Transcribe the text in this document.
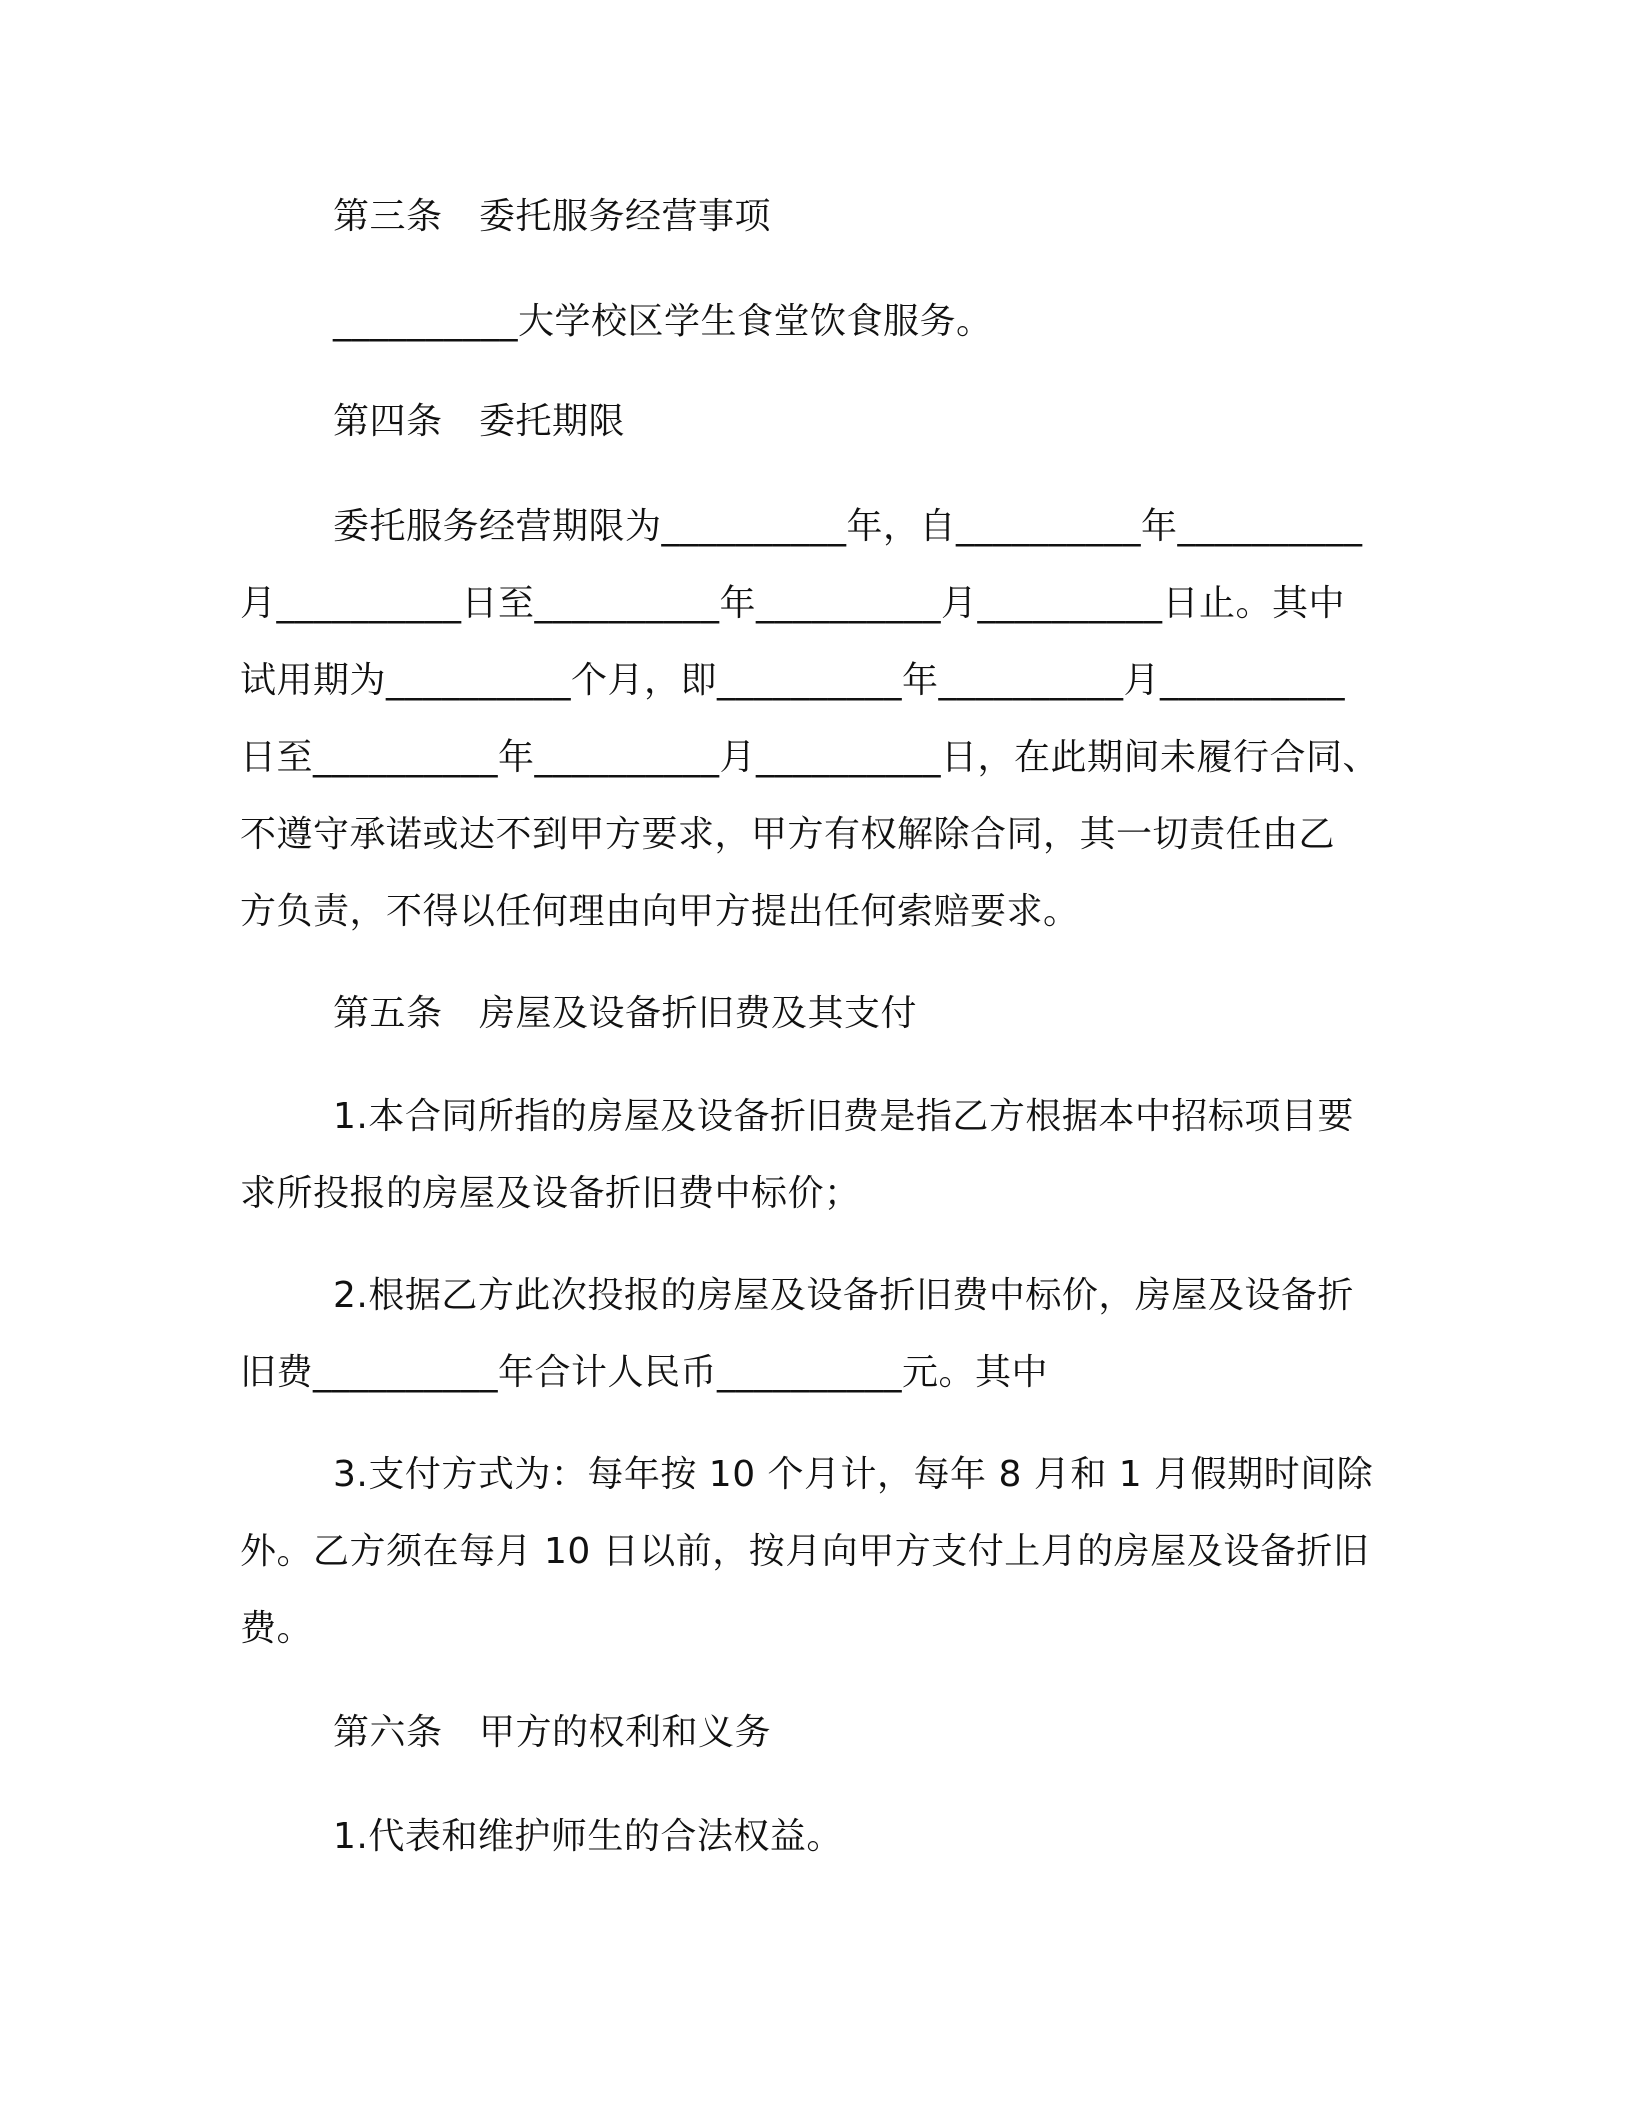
第三条　委托服务经营事项

__________大学校区学生食堂饮食服务。

第四条　委托期限

委托服务经营期限为__________年，自__________年__________

月__________日至__________年__________月__________日止。其中

试用期为__________个月，即__________年__________月__________

日至__________年__________月__________日，在此期间未履行合同、

不遵守承诺或达不到甲方要求，甲方有权解除合同，其一切责任由乙

方负责，不得以任何理由向甲方提出任何索赔要求。

第五条　房屋及设备折旧费及其支付

1.本合同所指的房屋及设备折旧费是指乙方根据本中招标项目要

求所投报的房屋及设备折旧费中标价；

2.根据乙方此次投报的房屋及设备折旧费中标价，房屋及设备折

旧费__________年合计人民币__________元。其中

3.支付方式为：每年按 10 个月计，每年 8 月和 1 月假期时间除

外。乙方须在每月 10 日以前，按月向甲方支付上月的房屋及设备折旧

费。

第六条　甲方的权利和义务

1.代表和维护师生的合法权益。
